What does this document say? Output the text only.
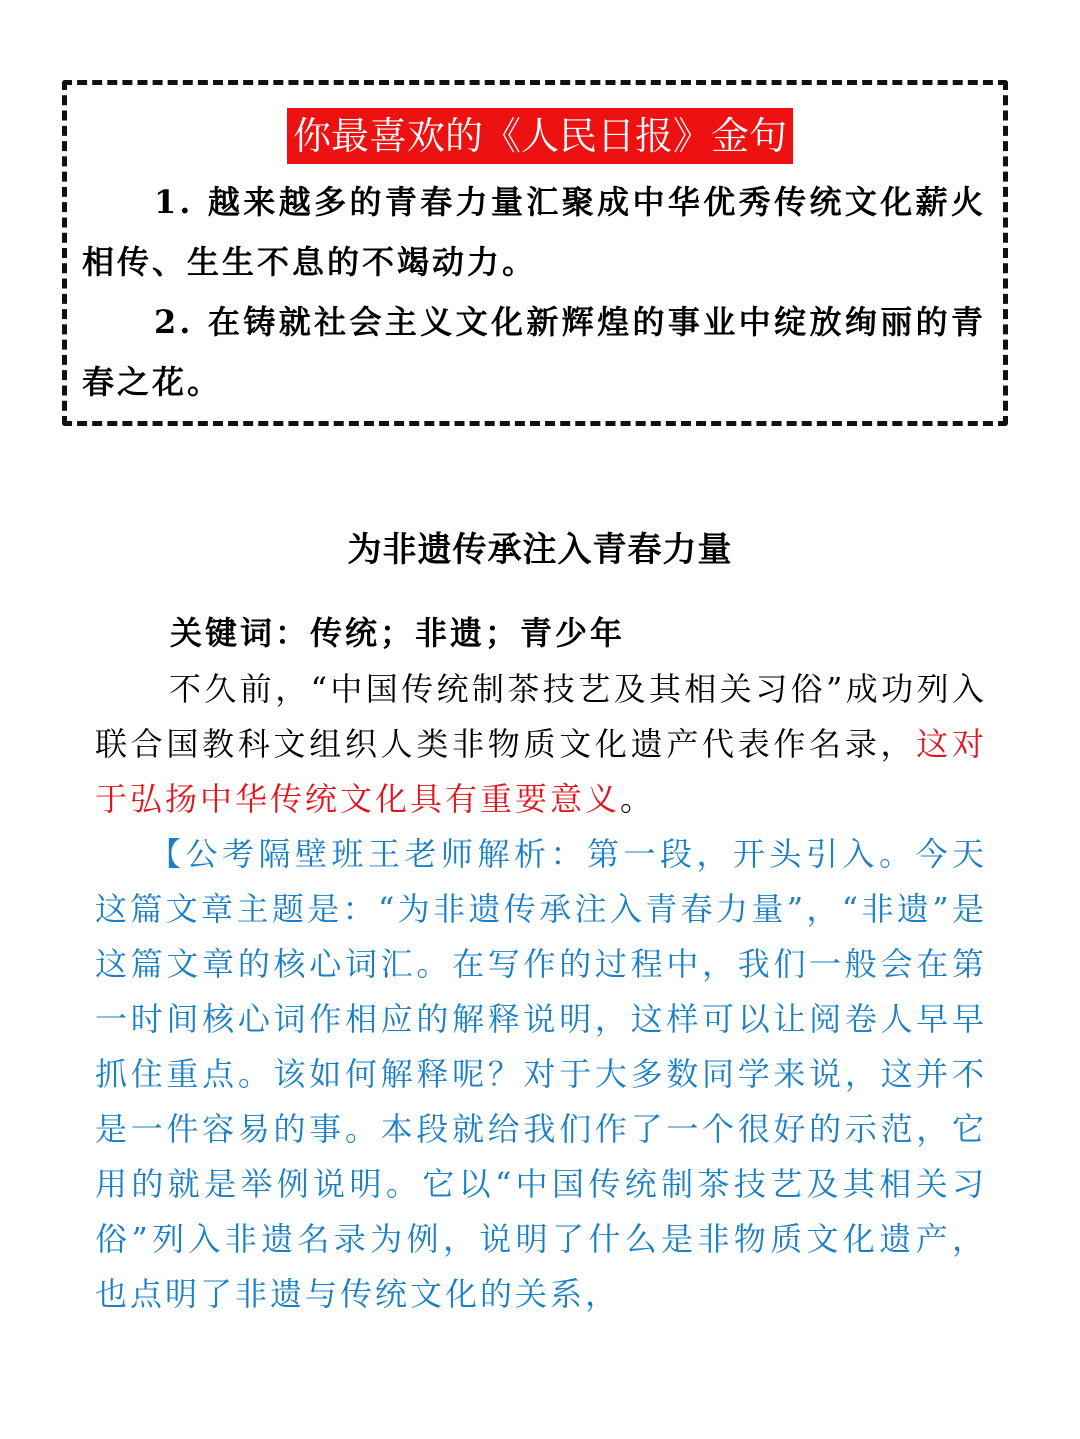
你最喜欢的《人民日报》金句
1. 越来越多的青春力量汇聚成中华优秀传统文化薪火相传、生生不息的不竭动力。
2. 在铸就社会主义文化新辉煌的事业中绽放绚丽的青春之花。
为非遗传承注入青春力量
关键词：传统；非遗；青少年
不久前，“中国传统制茶技艺及其相关习俗”成功列入联合国教科文组织人类非物质文化遗产代表作名录，这对于弘扬中华传统文化具有重要意义。
【公考隔壁班王老师解析：第一段，开头引入。今天这篇文章主题是：“为非遗传承注入青春力量”，“非遗”是这篇文章的核心词汇。在写作的过程中，我们一般会在第一时间核心词作相应的解释说明，这样可以让阅卷人早早抓住重点。该如何解释呢？对于大多数同学来说，这并不是一件容易的事。本段就给我们作了一个很好的示范，它用的就是举例说明。它以“中国传统制茶技艺及其相关习俗”列入非遗名录为例，说明了什么是非物质文化遗产，也点明了非遗与传统文化的关系，
